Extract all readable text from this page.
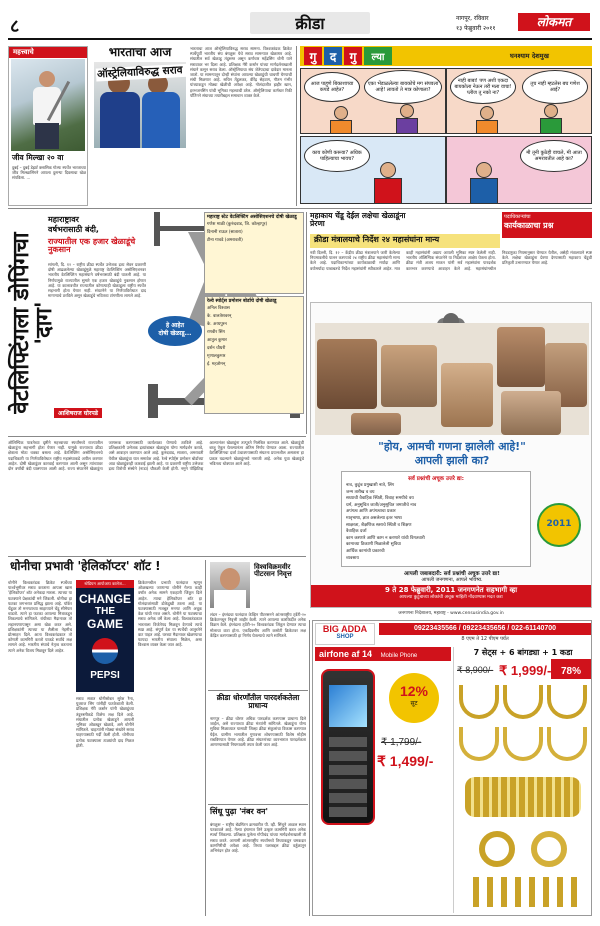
८	क्रीडा	नागपूर, रविवार
१३ फेब्रुवारी २०११	लोकमत
महत्त्वाचे
जीव मिल्खा २० वा
दुबई – दुबई डेझर्ट क्लासिक गोल्फ स्पर्धेत भारताच्या जीव मिल्खासिंगने आपला दुसऱ्या दिवसाचा खेळ संपविला. ...
भारताचा आज
ऑस्ट्रेलियाविरुद्ध सराव
भारताचा आज ऑस्ट्रेलियाविरुद्ध सराव सामना. विश्वकरंडक क्रिकेट स्पर्धेपूर्वी भारतीय संघ बंगळुरू येथे सराव सामन्यात खेळणार आहे. संघातील सर्व खेळाडू तंदुरुस्त असून कर्णधार महेंद्रसिंग धोनी याने सरावावर भर दिला आहे. प्रशिक्षक गॅरी कर्स्टन यांच्या मार्गदर्शनाखाली संघाने कसून सराव केला. ऑस्ट्रेलियाचा संघ जेतेपदाचा दावेदार मानला जातो. या सामन्यातून दोन्ही संघांना आपल्या खेळाडूंची चाचणी घेण्याची संधी मिळणार आहे. सचिन तेंडुलकर, वीरेंद्र सेहवाग, गौतम गंभीर यांच्याकडून मोठ्या खेळीची अपेक्षा आहे. गोलंदाजीत झहीर खान, हरभजनसिंग यांची भूमिका महत्त्वाची ठरेल. ऑस्ट्रेलियाचा कर्णधार रिकी पाँटिंगने संघाच्या तयारीबद्दल समाधान व्यक्त केले.
गु	द	गु	ल्या	घनश्याम देशमुख
आज पाहुणे बिकाशाच्या कपडे आहेत?
एका भेंडाळलेल्या बायकोचे मग संपवला आहे! लावतो ते मात्र कोणाला?
नाही बाबा! पण अशी एकदा बायकोला नेऊन तरी मला वाचा! प्लीज तू नको ना?
तूच नाही म्हटलेस बघ गणेश आई?
काय कोणी करूया? अधिक पाहिल्याचा भावच?
मी तूनी कुठेही वाचले, मी आता अमरावतीत आहे का?
वेटलिफ्टिंगला डोपिंगचा 'दाग'
महाराष्ट्रावर
वर्षभरासाठी बंदी,
राज्यातील एक हजार खेळाडूंचे नुकसान
सांगली, दि. १२ – राष्ट्रीय क्रीडा स्पर्धेत उत्तेजक द्रव्य सेवन प्रकरणी दोषी आढळलेल्या खेळाडूंमुळे महाराष्ट्र वेटलिफ्टिंग असोसिएशनवर भारतीय वेटलिफ्टिंग महासंघाने वर्षभरासाठी बंदी घातली आहे. या निर्णयामुळे राज्यातील सुमारे एक हजार खेळाडूंचे नुकसान होणार आहे. या कालावधीत राज्यातील कोणत्याही खेळाडूला राष्ट्रीय स्पर्धेत सहभागी होता येणार नाही. संघटनेने या निर्णयाविरोधात दाद मागण्याचे ठरविले असून खेळाडूंचे भवितव्य टांगणीला लागले आहे.
आशिषराज घोरपडे
महाराष्ट्र स्टेट वेटलिफ्टिंग असोसिएशनचे दोषी खेळाडू
गणेश माळी (कुरुंदवाड, जि. कोल्हापूर)
दिनानी राऊत (सातारा)
टीना गावडे (अमरावती)
रेल्वे स्पोर्ट्स प्रमोशन बोर्डाचे दोषी खेळाडू
अनिल विश्वास
के. वालतेशवरन्
के. अय्यपुरन
रणवीर सिंग
आतुल कुमार
दर्शन चौधरी
मृणालकुमार
ई. महतोमन्
हे आहेत
दोषी खेळाडू...
महाकाय चेंडू देईल लक्षेचा खेळाडूंना प्रेरणा
क्रीडा मंत्रालयाचे निर्देश २४ महासंघांना मान्य
पदाधिकाऱ्यांचा
कार्यकाळाचा प्रश्न
नवी दिल्ली, दि. १२ – केंद्रीय क्रीडा मंत्रालयाने जारी केलेल्या नियमावलीचे पालन करण्याचे २४ राष्ट्रीय क्रीडा महासंघांनी मान्य केले आहे. पदाधिकाऱ्यांच्या कार्यकाळाची मर्यादा आणि वयोमर्यादा याबाबतचे निर्देश महासंघांनी स्वीकारले आहेत. मात्र काही महासंघांनी अद्याप आपली भूमिका स्पष्ट केलेली नाही. भारतीय ऑलिम्पिक संघटनेने या निर्देशांवर आक्षेप घेतला होता. क्रीडा मंत्री अजय माकन यांनी सर्व महासंघांना पारदर्शक कारभार करण्याचे आवाहन केले आहे. महासंघांमधील निवडणुका नियमानुसार घेण्यात येतील, असेही मंत्रालयाने स्पष्ट केले. लक्षेचा खेळाडूंना प्रेरणा देण्यासाठी महाकाय चेंडूची प्रतिकृती उभारण्यात येणार आहे.
"होय, आमची गणना झालेली आहे!"
आपली झाली का?
सर्व प्रश्नांची अचूक उत्तरे द्या:
नाव, कुटुंब प्रमुखाशी नाते, लिंग
जन्म तारीख व वय
सध्याची वैवाहिक स्थिती, विवाह समयीचे वय
धर्म, अनुसूचित जाती/अनुसूचित जमातीचे नाव
अपंगत्व आणि अपंगत्वाचा प्रकार
मातृभाषा, ज्ञात असलेल्या इतर भाषा
साक्षरता, शैक्षणिक स्तराचे स्थिती व शिक्षण
वैवाहिक दर्जा
काम करणारे आणि काम न करणारे यांची विगतवारी
कामाच्या ठिकाणी मिळालेली सुविधा
आर्थिक कामांची प्रकारची
व्यवसाय
2011
आपली जबाबदारी: सर्व प्रश्नांची अचूक उत्तरे द्या!
आपली जनगणना, आपले भविष्य.
9 ते 28 फेब्रुवारी, 2011 जनगणनेत सहभागी व्हा
आपल्या कुटुंबाच्या लोकांची अचूक माहिती नोंदवण्यास मदत करा
जनगणना निदेशालय, महाराष्ट्र - www.censusindia.gov.in
ऑलिम्पिक पात्रतेच्या दृष्टीने महत्त्वाच्या स्पर्धांमध्ये राज्यातील खेळाडूंना सहभागी होता येणार नाही. यामुळे राज्याच्या क्रीडा क्षेत्राला मोठा धक्का बसला आहे. वेटलिफ्टिंग असोसिएशनचे पदाधिकारी या निर्णयाविरोधात राष्ट्रीय महासंघाकडे अपील करणार आहेत. दोषी खेळाडूंवर कारवाई करण्यात आली असून त्यांच्यावर दोन वर्षांची बंदी घालण्यात आली आहे. राज्य संघटनेने खेळाडूंना जागरूक करण्यासाठी कार्यशाळा घेण्याचे ठरविले आहे. प्रशिक्षकांनी उत्तेजक द्रव्यांबाबत खेळाडूंना योग्य मार्गदर्शन करावे, असे आवाहन करण्यात आले आहे. कुरुंदवाड, सातारा, अमरावती येथील खेळाडूंचा यात समावेश आहे. रेल्वे स्पोर्ट्स प्रमोशन बोर्डाच्या आठ खेळाडूंवरही कारवाई झाली आहे. या प्रकरणी राष्ट्रीय उत्तेजक द्रव्य विरोधी संस्थेने (नाडा) चौकशी केली होती. नमुने पॉझिटिव्ह आल्यानंतर खेळाडूंना तात्पुरते निलंबित करण्यात आले. खेळाडूंची बाजू ऐकून घेतल्यानंतर अंतिम निर्णय घेण्यात आला. राज्यातील वेटलिफ्टिंगचा दर्जा उंचावण्यासाठी संघटना प्रयत्नशील असताना हा प्रकार घडल्याने खेळाडूंमध्ये नाराजी आहे. अनेक युवा खेळाडूंचे भवितव्य धोक्यात आले आहे.
धोनीचा प्रभावी 'हेलिकॉप्टर' शॉट !
धोनीने विश्वकरंडक क्रिकेट स्पर्धेच्या पार्श्वभूमीवर सराव करताना आपला खास 'हेलिकॉप्टर' शॉट अनेकदा मारला. त्याच्या या फटक्याने प्रेक्षकांची मने जिंकली. धोनीचा हा फटका जगभरात प्रसिद्ध झाला आहे. यॉर्कर चेंडूवर तो मनगटाच्या साहाय्याने चेंडू सीमेपार धाडतो. त्याने हा फटका आपल्या मित्राकडून शिकल्याचे सांगितले. रांचीच्या मैदानावर तो लहानपणापासून असा खेळ करत असे. प्रशिक्षकांनी त्याच्या या शैलीला नेहमीच प्रोत्साहन दिले. आता विश्वकरंडकात तो कोणती कामगिरी करतो याकडे सर्वांचे लक्ष लागले आहे. भारतीय संघाचे नेतृत्व करताना त्याने अनेक विजय मिळवून दिले आहेत.
स्टेडियम आपोआप कालेज...
CHANGE
THE
GAME
PEPSI
सराव सत्रात धोनीसोबत सुरेश रैना, युवराज सिंग यांनीही फटकेबाजी केली. प्रशिक्षक गॅरी कर्स्टन यांनी खेळाडूंच्या तंदुरुस्तीकडे विशेष लक्ष दिले आहे. संघातील प्रत्येक खेळाडूने आपली भूमिका ओळखून खेळावे, असे धोनीने सांगितले. चाहत्यांनी मोठ्या संख्येने सराव पाहण्यासाठी गर्दी केली होती. धोनीच्या प्रत्येक फटक्याला टाळ्यांची दाद मिळत होती.
क्रिकेटमधील प्रभावी फलंदाज म्हणून ओळखल्या जाणाऱ्या धोनीने गेल्या काही वर्षांत अनेक सामने एकहाती जिंकून दिले आहेत. त्याचा हेलिकॉप्टर शॉट हा गोलंदाजांसाठी डोकेदुखी ठरला आहे. या फटक्यासाठी मजबूत मनगट आणि अचूक वेळ यांची गरज असते. धोनीने या फटक्याचा सराव अनेक वर्षे केला आहे. विश्वकरंडकात भारताला विजेतेपद मिळवून देण्याचे त्याचे स्वप्न आहे. संपूर्ण देश या स्पर्धेची आतुरतेने वाट पाहत आहे. घरच्या मैदानावर खेळण्याचा फायदा भारतीय संघाला मिळेल, असा विश्वास व्यक्त केला जात आहे.
विश्वविक्रमवीर पीटरसन निवृत्त
लंडन – इंग्लंडचा फलंदाज केव्हिन पीटरसनने आंतरराष्ट्रीय ट्वेंटी-२० क्रिकेटमधून निवृत्ती जाहीर केली. त्याने आपल्या कारकिर्दीत अनेक विक्रम केले. इंग्लंडला ट्वेंटी-२० विश्वकरंडक जिंकून देण्यात त्याचा मोलाचा वाटा होता. एकदिवसीय आणि कसोटी क्रिकेटवर लक्ष केंद्रित करण्यासाठी हा निर्णय घेतल्याचे त्याने सांगितले.
क्रीडा धोरणाँतील पारदर्शकतेला प्राधान्य
नागपूर – क्रीडा धोरण अधिक पारदर्शक करण्यास प्राधान्य दिले जाईल, असे राज्याच्या क्रीडा मंत्र्यांनी सांगितले. खेळाडूंना योग्य सुविधा मिळाव्यात यासाठी जिल्हा क्रीडा संकुलांचा विकास करण्यात येईल. ग्रामीण भागातील गुणवत्ता शोधण्यासाठी विशेष मोहीम राबविण्यात येणार आहे. क्रीडा संघटनांच्या कारभारात पारदर्शकता आणण्यासाठी नियमावली तयार केली जात आहे.
सिंधू पुढ़ा 'नंबर वन'
बंगळुरू – राष्ट्रीय बॅडमिंटन क्रमवारीत पी. व्ही. सिंधूने अव्वल स्थान पटकावले आहे. गेल्या हंगामात तिने उत्कृष्ट कामगिरी करत अनेक स्पर्धा जिंकल्या. प्रशिक्षक पुलेला गोपीचंद यांच्या मार्गदर्शनाखाली ती सराव करते. आगामी आंतरराष्ट्रीय स्पर्धांमध्ये तिच्याकडून चमकदार कामगिरीची अपेक्षा आहे. तिच्या यशाबद्दल क्रीडा वर्तुळातून अभिनंदन होत आहे.
BIG ADDA
SHOP
09223435566 / 09223435656 / 022-61140700
8 एएम ते 12 पीएम पर्यंत
airfone af 14 Mobile Phone
12%
सूट
₹ 1,799/-
₹ 1,499/-
7 सेट्स + 6 बांगड्या + 1 कडा
78%
₹ 8,900/- ₹ 1,999/-
